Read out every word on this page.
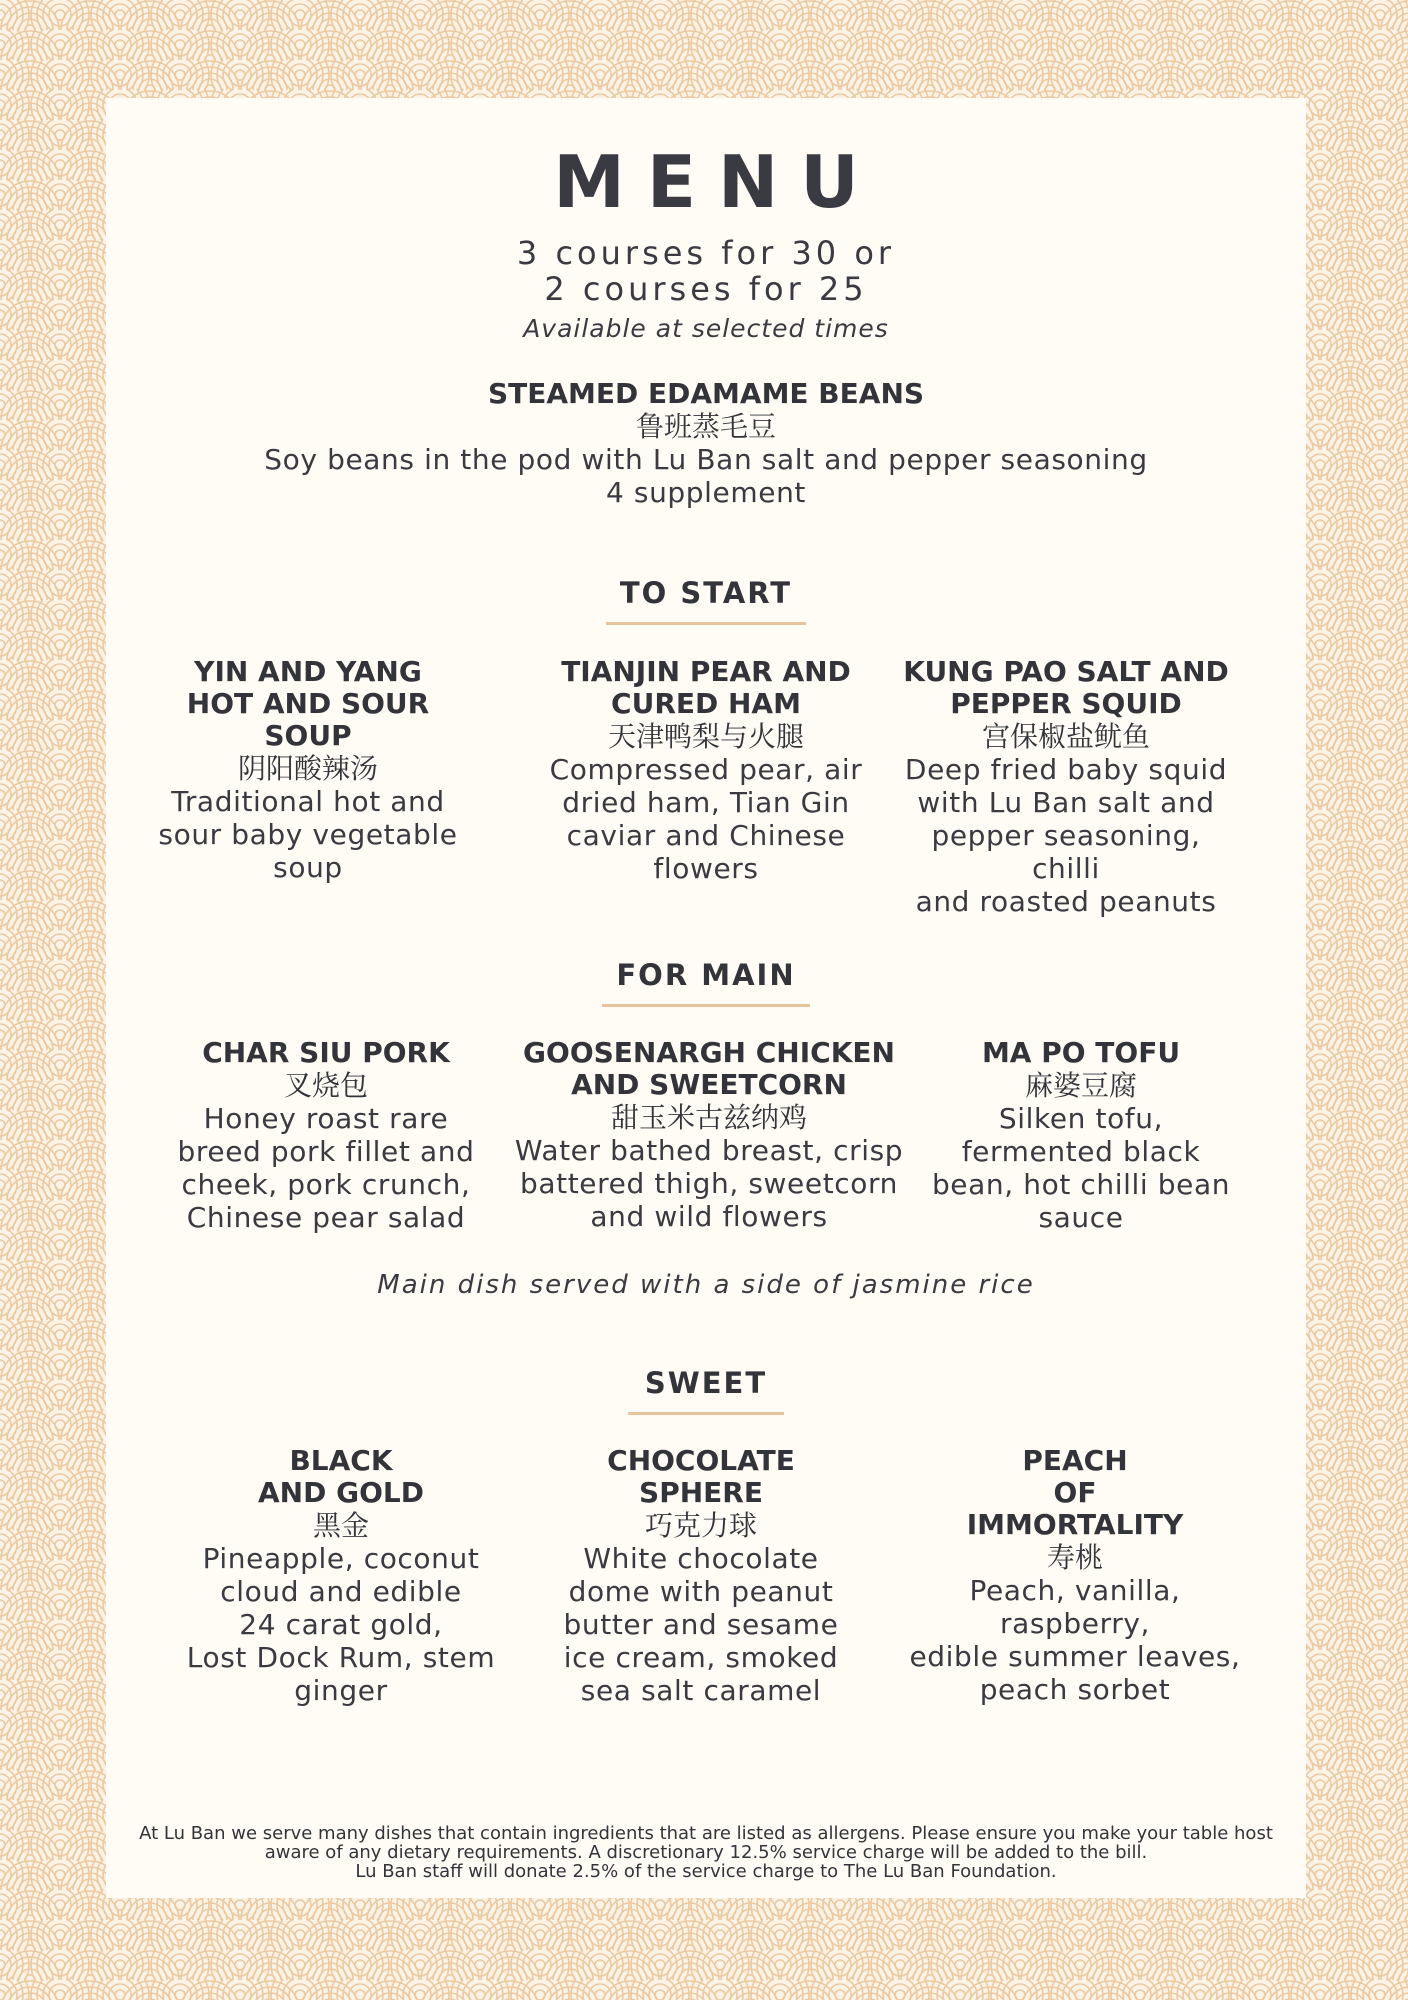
MENU
3 courses for 30 or
2 courses for 25
Available at selected times

STEAMED EDAMAME BEANS

鲁班蒸毛豆

Soy beans in the pod with Lu Ban salt and pepper seasoning

4 supplement

TO START

YIN AND YANG

HOT AND SOUR

SOUP

阴阳酸辣汤

Traditional hot and

sour baby vegetable

soup

TIANJIN PEAR AND

CURED HAM

天津鸭梨与火腿

Compressed pear, air

dried ham, Tian Gin

caviar and Chinese

flowers

KUNG PAO SALT AND

PEPPER SQUID

宫保椒盐鱿鱼

Deep fried baby squid

with Lu Ban salt and

pepper seasoning, chilli

and roasted peanuts

FOR MAIN

CHAR SIU PORK

叉烧包

Honey roast rare

breed pork fillet and

cheek, pork crunch,

Chinese pear salad

GOOSENARGH CHICKEN

AND SWEETCORN

甜玉米古兹纳鸡

Water bathed breast, crisp

battered thigh, sweetcorn

and wild flowers

MA PO TOFU

麻婆豆腐

Silken tofu,

fermented black

bean, hot chilli bean

sauce

Main dish served with a side of jasmine rice
SWEET

BLACK

AND GOLD

黑金

Pineapple, coconut

cloud and edible

24 carat gold,

Lost Dock Rum, stem

ginger

CHOCOLATE

SPHERE

巧克力球

White chocolate

dome with peanut

butter and sesame

ice cream, smoked

sea salt caramel

PEACH

OF

IMMORTALITY

寿桃

Peach, vanilla, raspberry,

edible summer leaves,

peach sorbet

At Lu Ban we serve many dishes that contain ingredients that are listed as allergens. Please ensure you make your table host
aware of any dietary requirements. A discretionary 12.5% service charge will be added to the bill.
Lu Ban staff will donate 2.5% of the service charge to The Lu Ban Foundation.
